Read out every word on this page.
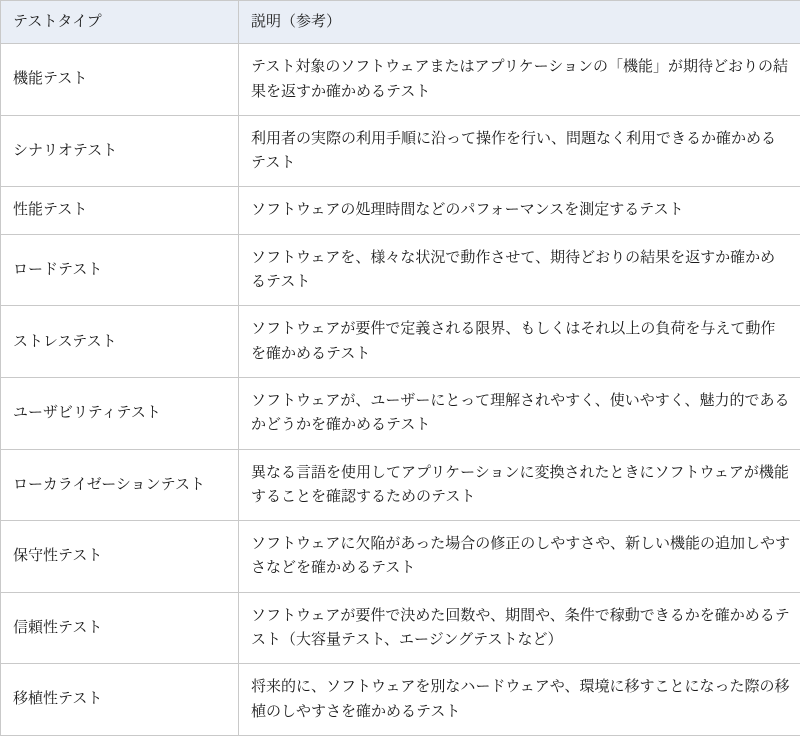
テストタイプ	説明（参考）
機能テスト	テスト対象のソフトウェアまたはアプリケーションの「機能」が期待どおりの結果を返すか確かめるテスト
シナリオテスト	利用者の実際の利用手順に沿って操作を行い、問題なく利用できるか確かめるテスト
性能テスト	ソフトウェアの処理時間などのパフォーマンスを測定するテスト
ロードテスト	ソフトウェアを、様々な状況で動作させて、期待どおりの結果を返すか確かめるテスト
ストレステスト	ソフトウェアが要件で定義される限界、もしくはそれ以上の負荷を与えて動作を確かめるテスト
ユーザビリティテスト	ソフトウェアが、ユーザーにとって理解されやすく、使いやすく、魅力的であるかどうかを確かめるテスト
ローカライゼーションテスト	異なる言語を使用してアプリケーションに変換されたときにソフトウェアが機能することを確認するためのテスト
保守性テスト	ソフトウェアに欠陥があった場合の修正のしやすさや、新しい機能の追加しやすさなどを確かめるテスト
信頼性テスト	ソフトウェアが要件で決めた回数や、期間や、条件で稼動できるかを確かめるテスト（大容量テスト、エージングテストなど）
移植性テスト	将来的に、ソフトウェアを別なハードウェアや、環境に移すことになった際の移植のしやすさを確かめるテスト
